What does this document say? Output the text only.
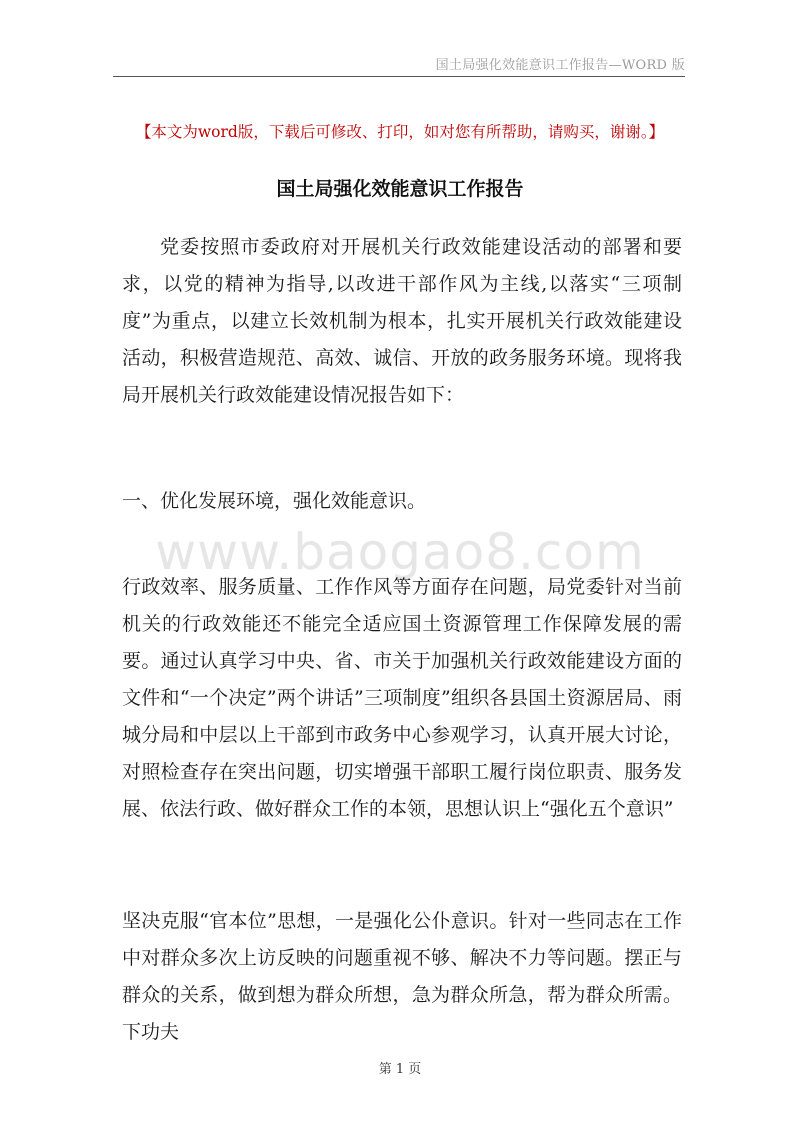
国土局强化效能意识工作报告—WORD 版
【本文为word版，下载后可修改、打印，如对您有所帮助，请购买，谢谢。】
国土局强化效能意识工作报告

党委按照市委政府对开展机关行政效能建设活动的部署和要求，以党的精神为指导,以改进干部作风为主线,以落实“三项制度”为重点，以建立长效机制为根本，扎实开展机关行政效能建设活动，积极营造规范、高效、诚信、开放的政务服务环境。现将我局开展机关行政效能建设情况报告如下：

一、优化发展环境，强化效能意识。

www.baogao8.com

行政效率、服务质量、工作作风等方面存在问题，局党委针对当前机关的行政效能还不能完全适应国土资源管理工作保障发展的需要。通过认真学习中央、省、市关于加强机关行政效能建设方面的文件和“一个决定”两个讲话”三项制度”组织各县国土资源居局、雨城分局和中层以上干部到市政务中心参观学习，认真开展大讨论，对照检查存在突出问题，切实增强干部职工履行岗位职责、服务发展、依法行政、做好群众工作的本领，思想认识上“强化五个意识”

坚决克服“官本位”思想，一是强化公仆意识。针对一些同志在工作中对群众多次上访反映的问题重视不够、解决不力等问题。摆正与群众的关系，做到想为群众所想，急为群众所急，帮为群众所需。下功夫

第 1 页
